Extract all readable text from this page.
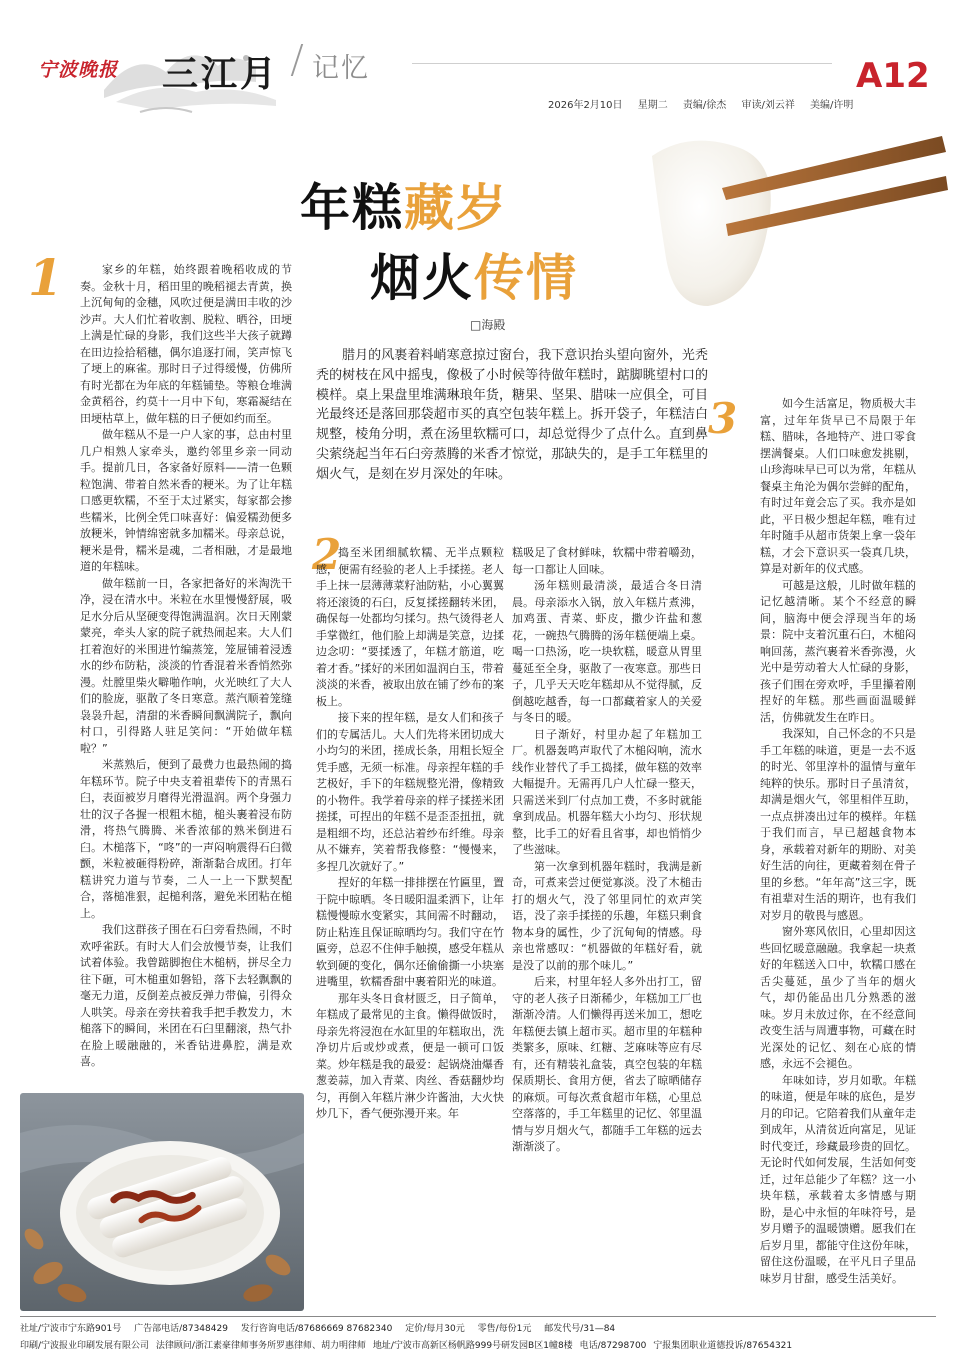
宁波晚报 三江月 记忆	A12
2026年2月10日 星期二 责编/徐杰 审读/刘云祥 美编/许明
年糕藏岁
烟火传情
□海殿
1
2
3

腊月的风裹着料峭寒意掠过窗台，我下意识抬头望向窗外，光秃秃的树枝在风中摇曳，像极了小时候等待做年糕时，踮脚眺望村口的模样。桌上果盘里堆满琳琅年货，糖果、坚果、腊味一应俱全，可目光最终还是落回那袋超市买的真空包装年糕上。拆开袋子，年糕洁白规整，棱角分明，煮在汤里软糯可口，却总觉得少了点什么。直到鼻尖萦绕起当年石臼旁蒸腾的米香才惊觉，那缺失的，是手工年糕里的烟火气，是刻在岁月深处的年味。

家乡的年糕，始终跟着晚稻收成的节奏。金秋十月，稻田里的晚稻褪去青黄，换上沉甸甸的金穗，风吹过便是满田丰收的沙沙声。大人们忙着收割、脱粒、晒谷，田埂上满是忙碌的身影，我们这些半大孩子就蹲在田边捡拾稻穗，偶尔追逐打闹，笑声惊飞了埂上的麻雀。那时日子过得缓慢，仿佛所有时光都在为年底的年糕铺垫。等粮仓堆满金黄稻谷，约莫十一月中下旬，寒霜凝结在田埂枯草上，做年糕的日子便如约而至。

做年糕从不是一户人家的事，总由村里几户相熟人家牵头，邀约邻里乡亲一同动手。提前几日，各家备好原料——清一色颗粒饱满、带着自然米香的粳米。为了让年糕口感更软糯，不至于太过紧实，每家都会掺些糯米，比例全凭口味喜好：偏爱糯劲便多放粳米，钟情绵密就多加糯米。母亲总说，粳米是骨，糯米是魂，二者相融，才是最地道的年糕味。

做年糕前一日，各家把备好的米淘洗干净，浸在清水中。米粒在水里慢慢舒展，吸足水分后从坚硬变得饱满温润。次日天刚蒙蒙亮，牵头人家的院子就热闹起来。大人们扛着泡好的米围进竹编蒸笼，笼屉铺着浸透水的纱布防粘，淡淡的竹香混着米香悄然弥漫。灶膛里柴火噼啪作响，火光映红了大人们的脸庞，驱散了冬日寒意。蒸汽顺着笼缝袅袅升起，清甜的米香瞬间飘满院子，飘向村口，引得路人驻足笑问：“开始做年糕啦？”

米蒸熟后，便到了最费力也最热闹的捣年糕环节。院子中央支着祖辈传下的青黑石臼，表面被岁月磨得光滑温润。两个身强力壮的汉子各握一根粗木槌，槌头裹着浸布防滑，将热气腾腾、米香浓郁的熟米倒进石臼。木槌落下，“咚”的一声闷响震得石臼微颤，米粒被砸得粉碎，渐渐黏合成团。打年糕讲究力道与节奏，二人一上一下默契配合，落槌准狠，起槌利落，避免米团粘在槌上。

我们这群孩子围在石臼旁看热闹，不时欢呼雀跃。有时大人们会放慢节奏，让我们试着体验。我曾踮脚抱住木槌柄，拼尽全力往下砸，可木槌重如磐铅，落下去轻飘飘的毫无力道，反倒差点被反弹力带偏，引得众人哄笑。母亲在旁扶着我手把手教发力，木槌落下的瞬间，米团在石臼里翻滚，热气扑在脸上暖融融的，米香钻进鼻腔，满是欢喜。

捣至米团细腻软糯、无半点颗粒感，便需有经验的老人上手揉搓。老人手上抹一层薄薄菜籽油防粘，小心翼翼将还滚烫的石臼，反复揉搓翻转米团，确保每一处都均匀揉匀。热气烫得老人手掌微红，他们脸上却满是笑意，边揉边念叨：“要揉透了，年糕才筋道，吃着才香。”揉好的米团如温润白玉，带着淡淡的米香，被取出放在铺了纱布的案板上。

接下来的捏年糕，是女人们和孩子们的专属活儿。大人们先将米团切成大小均匀的米团，搓成长条，用粗长短全凭手感，无须一标准。母亲捏年糕的手艺极好，手下的年糕规整光滑，像精致的小物件。我学着母亲的样子揉搓米团搓揉，可捏出的年糕不是歪歪扭扭，就是粗细不均，还总沾着纱布纤维。母亲从不嫌弃，笑着帮我修整：“慢慢来，多捏几次就好了。”

捏好的年糕一排排摆在竹匾里，置于院中晾晒。冬日暖阳温柔洒下，让年糕慢慢晾水变紧实，其间需不时翻动，防止粘连且保证晾晒均匀。我们守在竹匾旁，总忍不住伸手触摸，感受年糕从软到硬的变化，偶尔还偷偷撕一小块塞进嘴里，软糯香甜中裹着阳光的味道。

那年头冬日食材匮乏，日子简单，年糕成了最常见的主食。懒得做饭时，母亲先将浸泡在水缸里的年糕取出，洗净切片后或炒或煮，便是一顿可口饭菜。炒年糕是我的最爱：起锅烧油爆香葱姜蒜，加入青菜、肉丝、香菇翻炒均匀，再倒入年糕片淋少许酱油，大火快炒几下，香气便弥漫开来。年

糕吸足了食材鲜味，软糯中带着嚼劲，每一口都让人回味。

汤年糕则最清淡，最适合冬日清晨。母亲添水入锅，放入年糕片煮沸，加鸡蛋、青菜、虾皮，撒少许盐和葱花，一碗热气腾腾的汤年糕便端上桌。喝一口热汤，吃一块软糕，暖意从胃里蔓延至全身，驱散了一夜寒意。那些日子，几乎天天吃年糕却从不觉得腻，反倒越吃越香，每一口都藏着家人的关爱与冬日的暖。

日子渐好，村里办起了年糕加工厂。机器轰鸣声取代了木槌闷响，流水线作业替代了手工捣揉，做年糕的效率大幅提升。无需再几户人忙碌一整天，只需送米到厂付点加工费，不多时就能拿到成品。机器年糕大小均匀、形状规整，比手工的好看且省事，却也悄悄少了些滋味。

第一次拿到机器年糕时，我满是新奇，可煮来尝过便觉寡淡。没了木槌击打的烟火气，没了邻里同忙的欢声笑语，没了亲手揉搓的乐趣，年糕只剩食物本身的属性，少了沉甸甸的情感。母亲也常感叹：“机器做的年糕好看，就是没了以前的那个味儿。”

后来，村里年轻人多外出打工，留守的老人孩子日渐稀少，年糕加工厂也渐渐冷清。人们懒得再送米加工，想吃年糕便去镇上超市买。超市里的年糕种类繁多，原味、红糖、芝麻味等应有尽有，还有精装礼盒装，真空包装的年糕保质期长、食用方便，省去了晾晒储存的麻烦。可每次煮食超市年糕，心里总空落落的，手工年糕里的记忆、邻里温情与岁月烟火气，都随手工年糕的远去渐渐淡了。

如今生活富足，物质极大丰富，过年年货早已不局限于年糕、腊味，各地特产、进口零食摆满餐桌。人们口味愈发挑剔，山珍海味早已可以为常，年糕从餐桌主角沦为偶尔尝鲜的配角，有时过年竟会忘了买。我亦是如此，平日极少想起年糕，唯有过年时随手从超市货架上拿一袋年糕，才会下意识买一袋真几块，算是对新年的仪式感。

可越是这般，儿时做年糕的记忆越清晰。某个不经意的瞬间，脑海中便会浮现当年的场景：院中支着沉重石臼，木槌闷响回荡，蒸汽裹着米香弥漫，火光中是劳动着大人忙碌的身影，孩子们围在旁欢呼，手里攥着刚捏好的年糕。那些画面温暖鲜活，仿佛就发生在昨日。

我深知，自己怀念的不只是手工年糕的味道，更是一去不返的时光、邻里淳朴的温情与童年纯粹的快乐。那时日子虽清贫，却满是烟火气，邻里相伴互助，一点点拼凑出过年的模样。年糕于我们而言，早已超越食物本身，承载着对新年的期盼、对美好生活的向往，更藏着刻在骨子里的乡愁。“年年高”这三字，既有祖辈对生活的期许，也有我们对岁月的敬畏与感恩。

窗外寒风依旧，心里却因这些回忆暖意融融。我拿起一块煮好的年糕送入口中，软糯口感在舌尖蔓延，虽少了当年的烟火气，却仍能品出几分熟悉的滋味。岁月未放过你，在不经意间改变生活与周遭事物，可藏在时光深处的记忆、刻在心底的情感，永远不会褪色。

年味如诗，岁月如歌。年糕的味道，便是年味的底色，是岁月的印记。它陪着我们从童年走到成年，从清贫近向富足，见证时代变迁，珍藏最珍贵的回忆。无论时代如何发展，生活如何变迁，过年总能少了年糕？这一小块年糕，承载着太多情感与期盼，是心中永恒的年味符号，是岁月赠予的温暖馈赠。愿我们在后岁月里，都能守住这份年味，留住这份温暖，在平凡日子里品味岁月甘甜，感受生活美好。

社址/宁波市宁东路901号 广告部电话/87348429 发行咨询电话/87686669 87682340 定价/每月30元 零售/每份1元 邮发代号/31—84
印刷/宁波报业印刷发展有限公司 法律顾问/浙江素豪律师事务所罗惠律师、胡力明律师 地址/宁波市高新区杨帆路999号研发园B区1幢8楼 电话/87298700 宁报集团职业道德投诉/87654321
